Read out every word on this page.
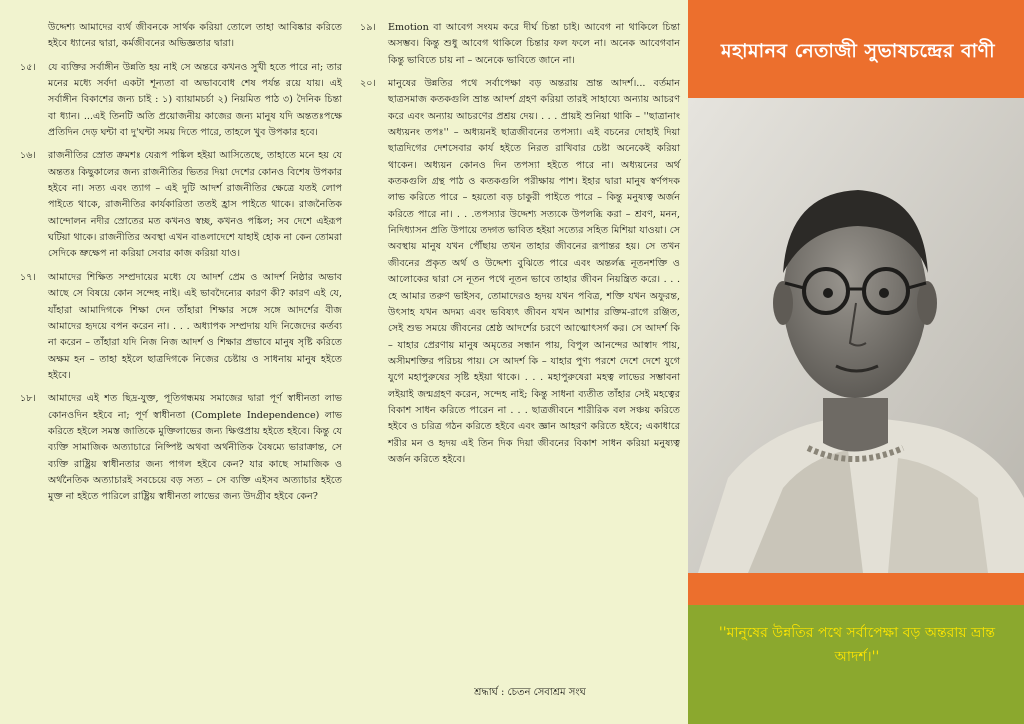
উদ্দেশ্য আমাদের ব্যর্থ জীবনকে সার্থক করিয়া তোলে তাহা আবিষ্কার করিতে হইবে ধ্যানের দ্বারা, কর্মজীবনের অভিজ্ঞতার দ্বারা।

১৫।	যে ব্যক্তির সর্বাঙ্গীন উন্নতি হয় নাই সে অন্তরে কখনও সুখী হতে পারে না; তার মনের মধ্যে সর্বদা একটা শূন্যতা বা অভাববোধ শেষ পর্যন্ত রয়ে যায়। এই সর্বাঙ্গীন বিকাশের জন্য চাই : ১) ব্যায়ামচর্চা ২) নিয়মিত পাঠ ৩) দৈনিক চিন্তা বা ধ্যান। ...এই তিনটি অতি প্রয়োজনীয় কাজের জন্য মানুষ যদি অন্ততঃপক্ষে প্রতিদিন দেড় ঘন্টা বা দু'ঘন্টা সময় দিতে পারে, তাহলে খুব উপকার হবে।

১৬।	রাজনীতির স্রোত ক্রমশঃ যেরূপ পঙ্কিল হইয়া আসিতেছে, তাহাতে মনে হয় যে অন্ততঃ কিছুকালের জন্য রাজনীতির ভিতর দিয়া দেশের কোনও বিশেষ উপকার হইবে না। সত্য এবং ত্যাগ – এই দুটি আদর্শ রাজনীতির ক্ষেত্রে যতই লোপ পাইতে থাকে, রাজনীতির কার্যকারিতা ততই হ্রাস পাইতে থাকে। রাজনৈতিক আন্দোলন নদীর স্রোতের মত কখনও স্বচ্ছ, কখনও পঙ্কিল; সব দেশে এইরূপ ঘটিয়া থাকে। রাজনীতির অবস্থা এখন বাঙলাদেশে যাহাই হোক না কেন তোমরা সেদিকে ভ্রুক্ষেপ না করিয়া সেবার কাজ করিয়া যাও।

১৭।	আমাদের শিক্ষিত সম্প্রদায়ের মধ্যে যে আদর্শ প্রেম ও আদর্শ নিষ্ঠার অভাব আছে সে বিষয়ে কোন সন্দেহ নাই। এই ভাবদৈন্যের কারণ কী? কারণ এই যে, যাঁহারা আমাদিগকে শিক্ষা দেন তাঁহারা শিক্ষার সঙ্গে সঙ্গে আদর্শের বীজ আমাদের হৃদয়ে বপন করেন না। . . . অধ্যাপক সম্প্রদায় যদি নিজেদের কর্তব্য না করেন – তাঁহারা যদি নিজ নিজ আদর্শ ও শিক্ষার প্রভাবে মানুষ সৃষ্টি করিতে অক্ষম হন – তাহা হইলে ছাত্রদিগকে নিজের চেষ্টায় ও সাধনায় মানুষ হইতে হইবে।

১৮।	আমাদের এই শত ছিদ্র-যুক্ত, পূতিগন্ধময় সমাজের দ্বারা পূর্ণ স্বাধীনতা লাভ কোনওদিন হইবে না; পূর্ণ স্বাধীনতা (Complete Independence) লাভ করিতে হইলে সমস্ত জাতিকে মুক্তিলাভের জন্য ক্ষিপ্তপ্রায় হইতে হইবে। কিন্তু যে ব্যক্তি সামাজিক অত্যাচারে নিষ্পিষ্ট অথবা অর্থনীতিক বৈষম্যে ভারাক্রান্ত, সে ব্যক্তি রাষ্ট্রিয় স্বাধীনতার জন্য পাগল হইবে কেন? যার কাছে সামাজিক ও অর্থনৈতিক অত্যাচারই সবচেয়ে বড় সত্য – সে ব্যক্তি এইসব অত্যাচার হইতে মুক্ত না হইতে পারিলে রাষ্ট্রিয় স্বাধীনতা লাভের জন্য উদগ্রীব হইবে কেন?

১৯।	Emotion বা আবেগ সংযম করে দীর্ঘ চিন্তা চাই। আবেগ না থাকিলে চিন্তা অসম্ভব। কিন্তু শুধু আবেগ থাকিলে চিন্তার ফল ফলে না। অনেক আবেগবান কিন্তু ভাবিতে চায় না – অনেকে ভাবিতে জানে না।

২০।	মানুষের উন্নতির পথে সর্বাপেক্ষা বড় অন্তরায় ভ্রান্ত আদর্শ।... বর্তমান ছাত্রসমাজ কতকগুলি ভ্রান্ত আদর্শ গ্রহণ করিয়া তারই সাহায্যে অন্যায় আচরণ করে এবং অন্যায় আচরণের প্রশ্রয় দেয়। . . . প্রায়ই শুনিয়া থাকি – ''ছাত্রানাং অধ্যয়নং তপঃ'' – অধ্যয়নই ছাত্রজীবনের তপস্যা। এই বচনের দোহাই দিয়া ছাত্রদিগের দেশসেবার কার্য হইতে নিরত রাখিবার চেষ্টা অনেকেই করিয়া থাকেন। অধ্যয়ন কোনও দিন তপস্যা হইতে পারে না। অধ্যয়নের অর্থ কতকগুলি গ্রন্থ পাঠ ও কতকগুলি পরীক্ষায় পাশ। ইহার দ্বারা মানুষ স্বর্ণপদক লাভ করিতে পারে – হয়তো বড় চাকুরী পাইতে পারে – কিন্তু মনুষ্যত্ব অর্জন করিতে পারে না। . . .তপস্যার উদ্দেশ্য সত্যকে উপলব্ধি করা – শ্রবণ, মনন, নিদিধ্যাসন প্রতি উপায়ে তদ্গত ভাবিত হইয়া সত্যের সহিত মিশিয়া যাওয়া। সে অবস্থায় মানুষ যখন পৌঁছায় তখন তাহার জীবনের রূপান্তর হয়। সে তখন জীবনের প্রকৃত অর্থ ও উদ্দেশ্য বুঝিতে পারে এবং অন্তর্লব্ধ নূতনশক্তি ও আলোকের দ্বারা সে নূতন পথে নূতন ভাবে তাহার জীবন নিয়ন্ত্রিত করে। . . . হে আমার তরুণ ভাইসব, তোমাদেরও হৃদয় যখন পবিত্র, শক্তি যখন অফুরন্ত, উৎসাহ যখন অদম্য এবং ভবিষ্যৎ জীবন যখন আশার রক্তিম-রাগে রঞ্জিত, সেই শুভ সময়ে জীবনের শ্রেষ্ঠ আদর্শের চরণে আত্মোৎসর্গ কর। সে আদর্শ কি – যাহার প্রেরণায় মানুষ অমৃতের সন্ধান পায়, বিপুল আনন্দের আস্বাদ পায়, অসীমশক্তির পরিচয় পায়। সে আদর্শ কি – যাহার পুণ্য পরশে দেশে দেশে যুগে যুগে মহাপুরুষের সৃষ্টি হইয়া থাকে। . . . মহাপুরুষেরা মহত্ব লাভের সম্ভাবনা লইয়াই জন্মগ্রহণ করেন, সন্দেহ নাই; কিন্তু সাধনা ব্যতীত তাঁহার সেই মহত্বের বিকাশ সাধন করিতে পারেন না . . . ছাত্রজীবনে শারীরিক বল সঞ্চয় করিতে হইবে ও চরিত্র গঠন করিতে হইবে এবং জ্ঞান আহরণ করিতে হইবে; একাধারে শরীর মন ও হৃদয় এই তিন দিক দিয়া জীবনের বিকাশ সাধন করিয়া মনুষ্যত্ব অর্জন করিতে হইবে।

শ্রদ্ধার্ঘ : চেতন সেবাশ্রম সংঘ
মহামানব নেতাজী সুভাষচন্দ্রের বাণী
''মানুষের উন্নতির পথে সর্বাপেক্ষা বড় অন্তরায় ভ্রান্ত আদর্শ।''
